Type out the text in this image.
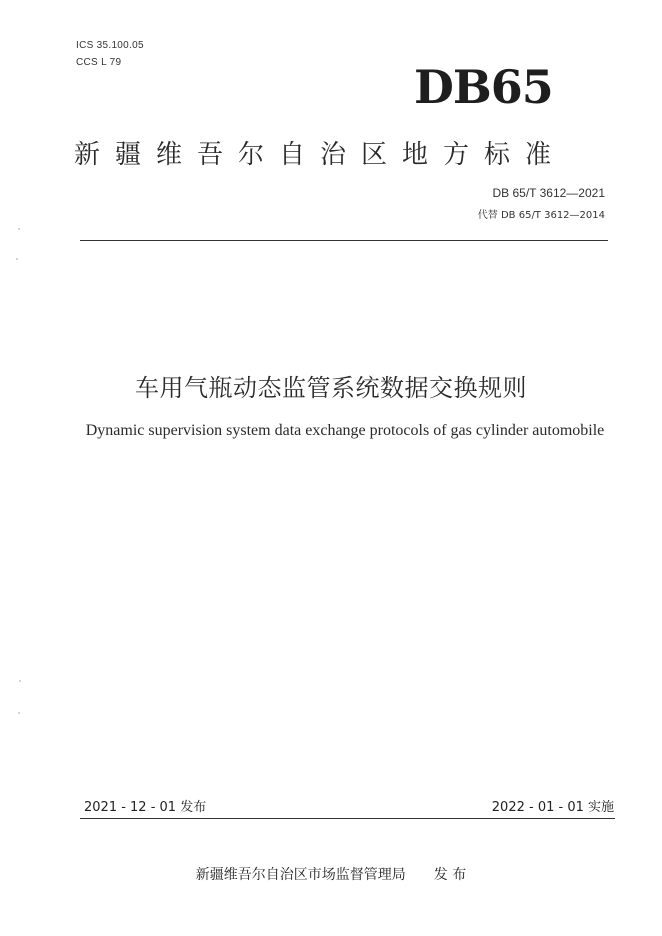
ICS 35.100.05
CCS L 79	DB65
新疆维吾尔自治区地方标准
DB 65/T 3612—2021
代替 DB 65/T 3612—2014
车用气瓶动态监管系统数据交换规则
Dynamic supervision system data exchange protocols of gas cylinder automobile
2021 - 12 - 01 发布	2022 - 01 - 01 实施
新疆维吾尔自治区市场监督管理局 发 布
